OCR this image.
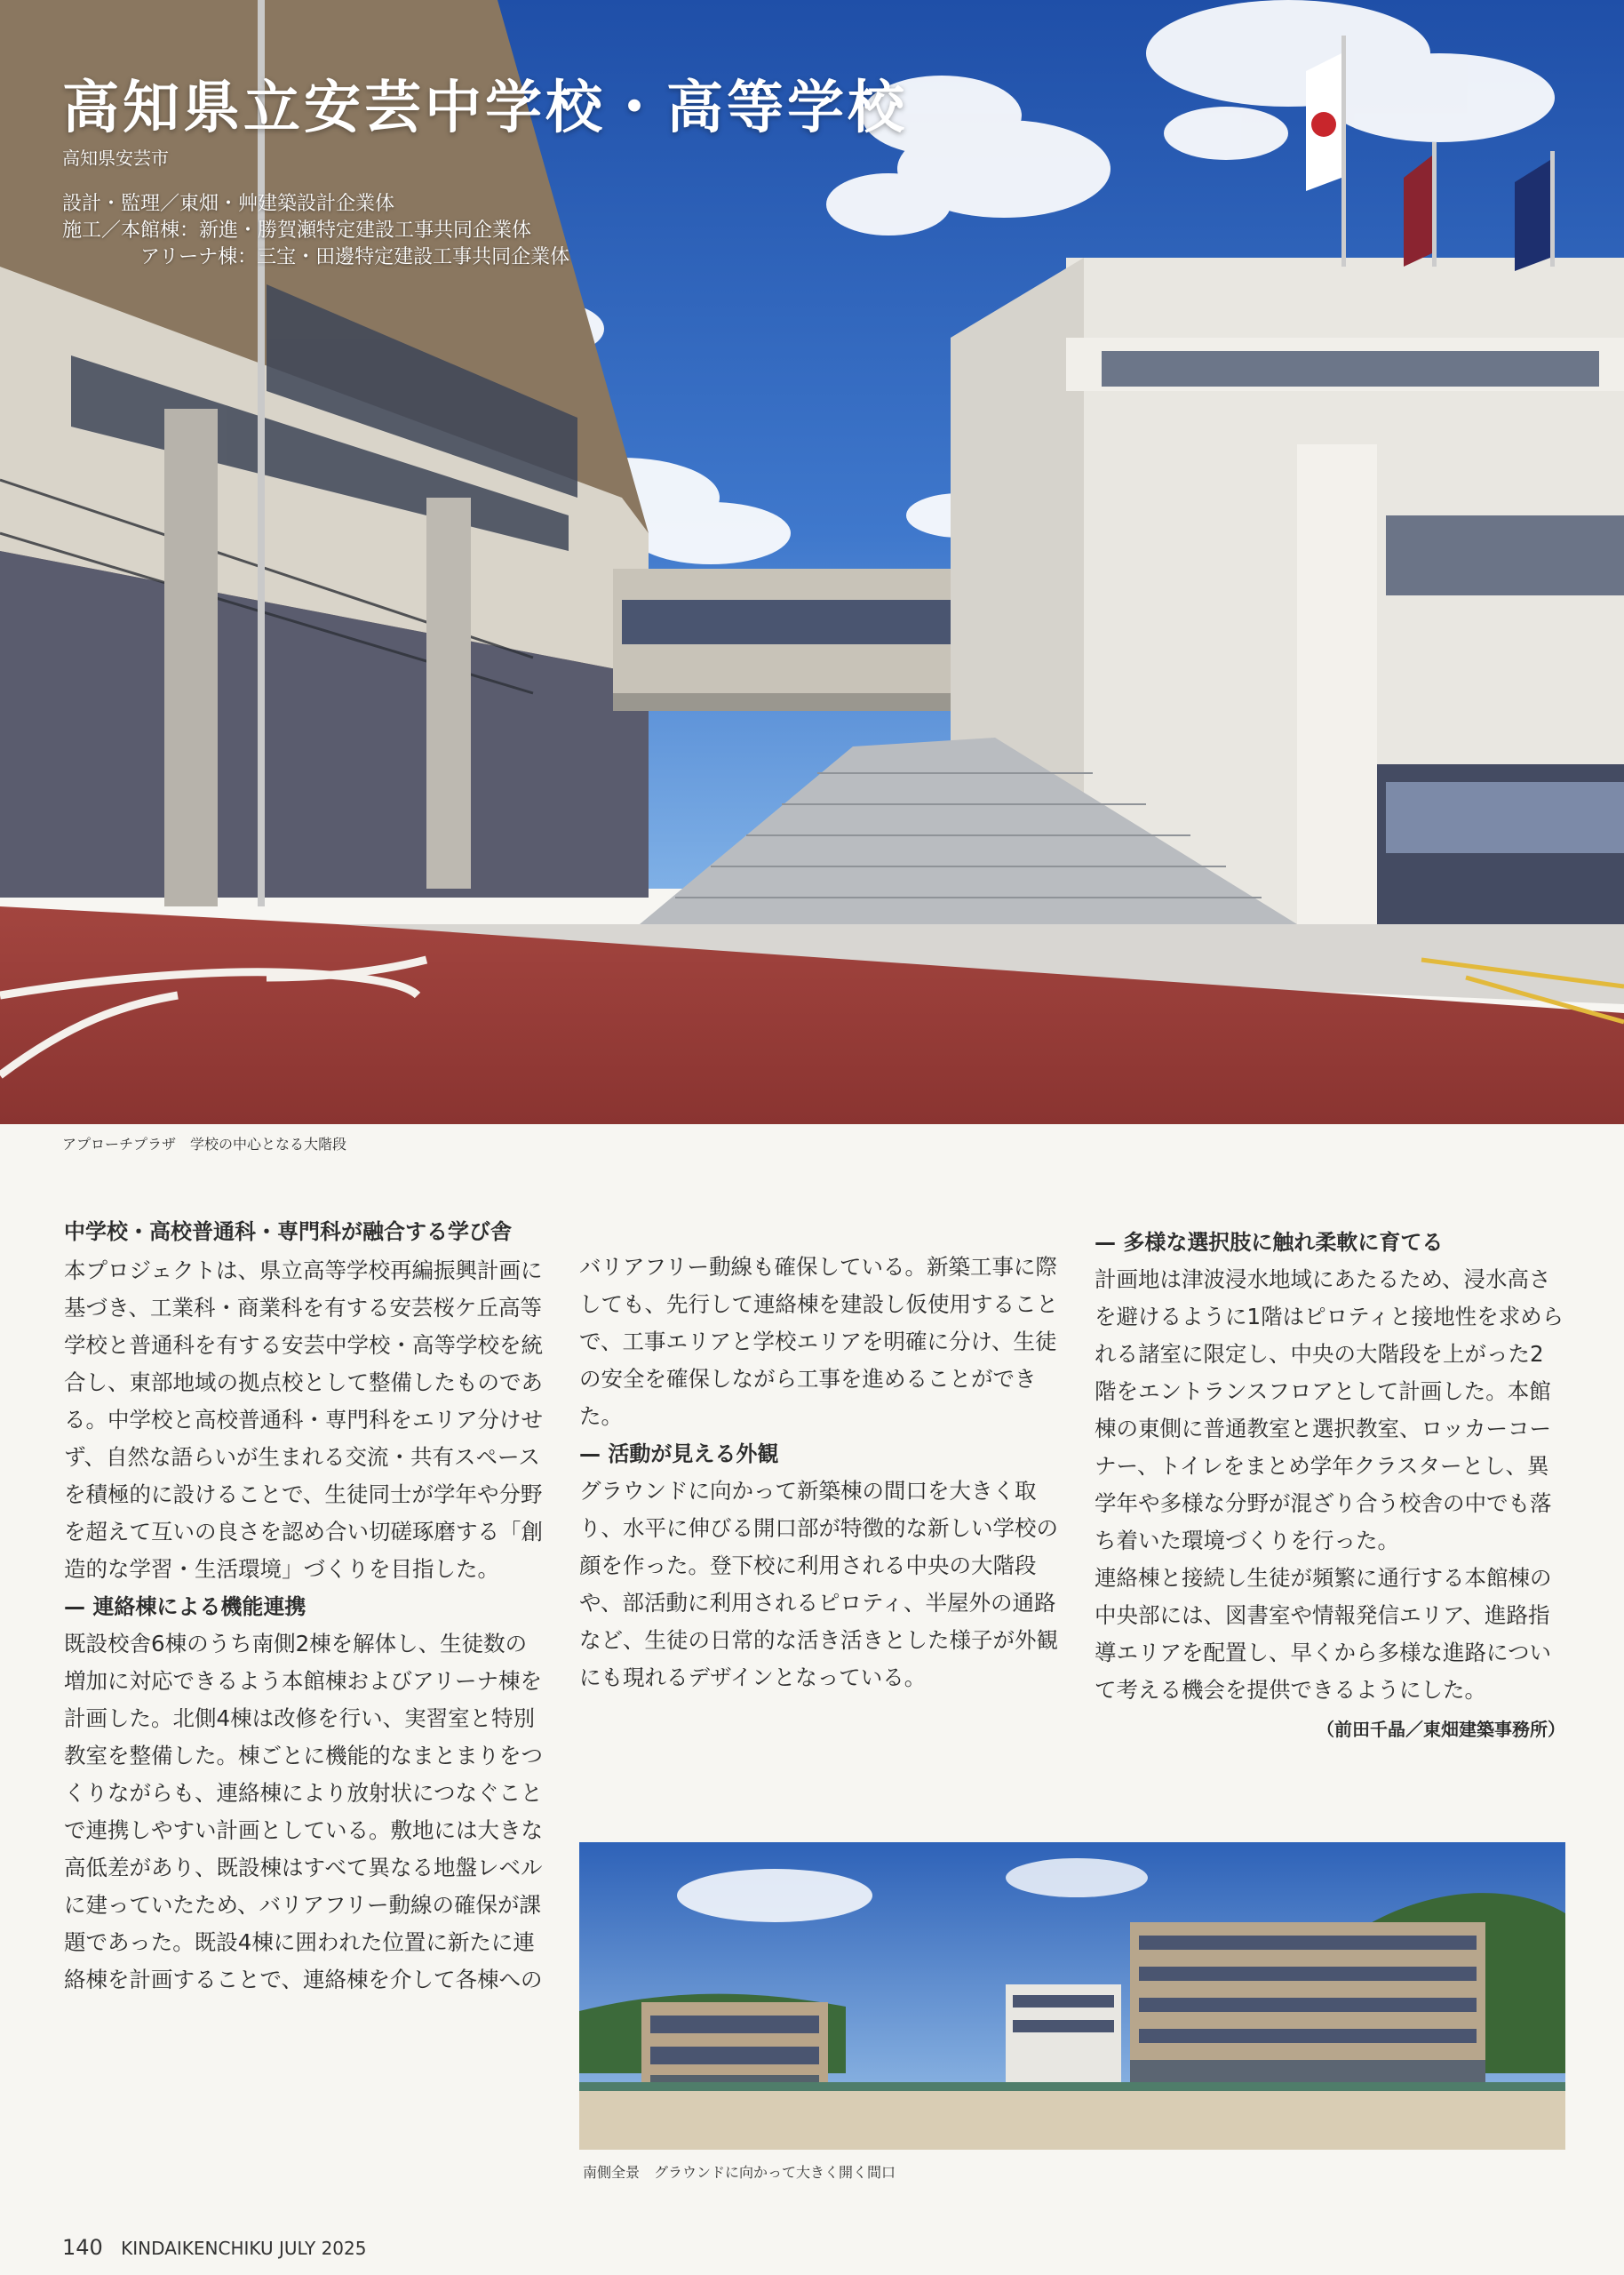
高知県立安芸中学校・高等学校
高知県安芸市
設計・監理／東畑・艸建築設計企業体
施工／本館棟：新進・勝賀瀬特定建設工事共同企業体
アリーナ棟：三宝・田邊特定建設工事共同企業体
アプローチプラザ　学校の中心となる大階段
中学校・高校普通科・専門科が融合する学び舎

本プロジェクトは、県立高等学校再編振興計画に基づき、工業科・商業科を有する安芸桜ケ丘高等学校と普通科を有する安芸中学校・高等学校を統合し、東部地域の拠点校として整備したものである。中学校と高校普通科・専門科をエリア分けせず、自然な語らいが生まれる交流・共有スペースを積極的に設けることで、生徒同士が学年や分野を超えて互いの良さを認め合い切磋琢磨する「創造的な学習・生活環境」づくりを目指した。

— 連絡棟による機能連携

既設校舎6棟のうち南側2棟を解体し、生徒数の増加に対応できるよう本館棟およびアリーナ棟を計画した。北側4棟は改修を行い、実習室と特別教室を整備した。棟ごとに機能的なまとまりをつくりながらも、連絡棟により放射状につなぐことで連携しやすい計画としている。敷地には大きな高低差があり、既設棟はすべて異なる地盤レベルに建っていたため、バリアフリー動線の確保が課題であった。既設4棟に囲われた位置に新たに連絡棟を計画することで、連絡棟を介して各棟への

バリアフリー動線も確保している。新築工事に際しても、先行して連絡棟を建設し仮使用することで、工事エリアと学校エリアを明確に分け、生徒の安全を確保しながら工事を進めることができた。

— 活動が見える外観

グラウンドに向かって新築棟の間口を大きく取り、水平に伸びる開口部が特徴的な新しい学校の顔を作った。登下校に利用される中央の大階段や、部活動に利用されるピロティ、半屋外の通路など、生徒の日常的な活き活きとした様子が外観にも現れるデザインとなっている。

— 多様な選択肢に触れ柔軟に育てる

計画地は津波浸水地域にあたるため、浸水高さを避けるように1階はピロティと接地性を求められる諸室に限定し、中央の大階段を上がった2階をエントランスフロアとして計画した。本館棟の東側に普通教室と選択教室、ロッカーコーナー、トイレをまとめ学年クラスターとし、異学年や多様な分野が混ざり合う校舎の中でも落ち着いた環境づくりを行った。

連絡棟と接続し生徒が頻繁に通行する本館棟の中央部には、図書室や情報発信エリア、進路指導エリアを配置し、早くから多様な進路について考える機会を提供できるようにした。

（前田千晶／東畑建築事務所）
南側全景　グラウンドに向かって大きく開く間口
140 KINDAIKENCHIKU JULY 2025
